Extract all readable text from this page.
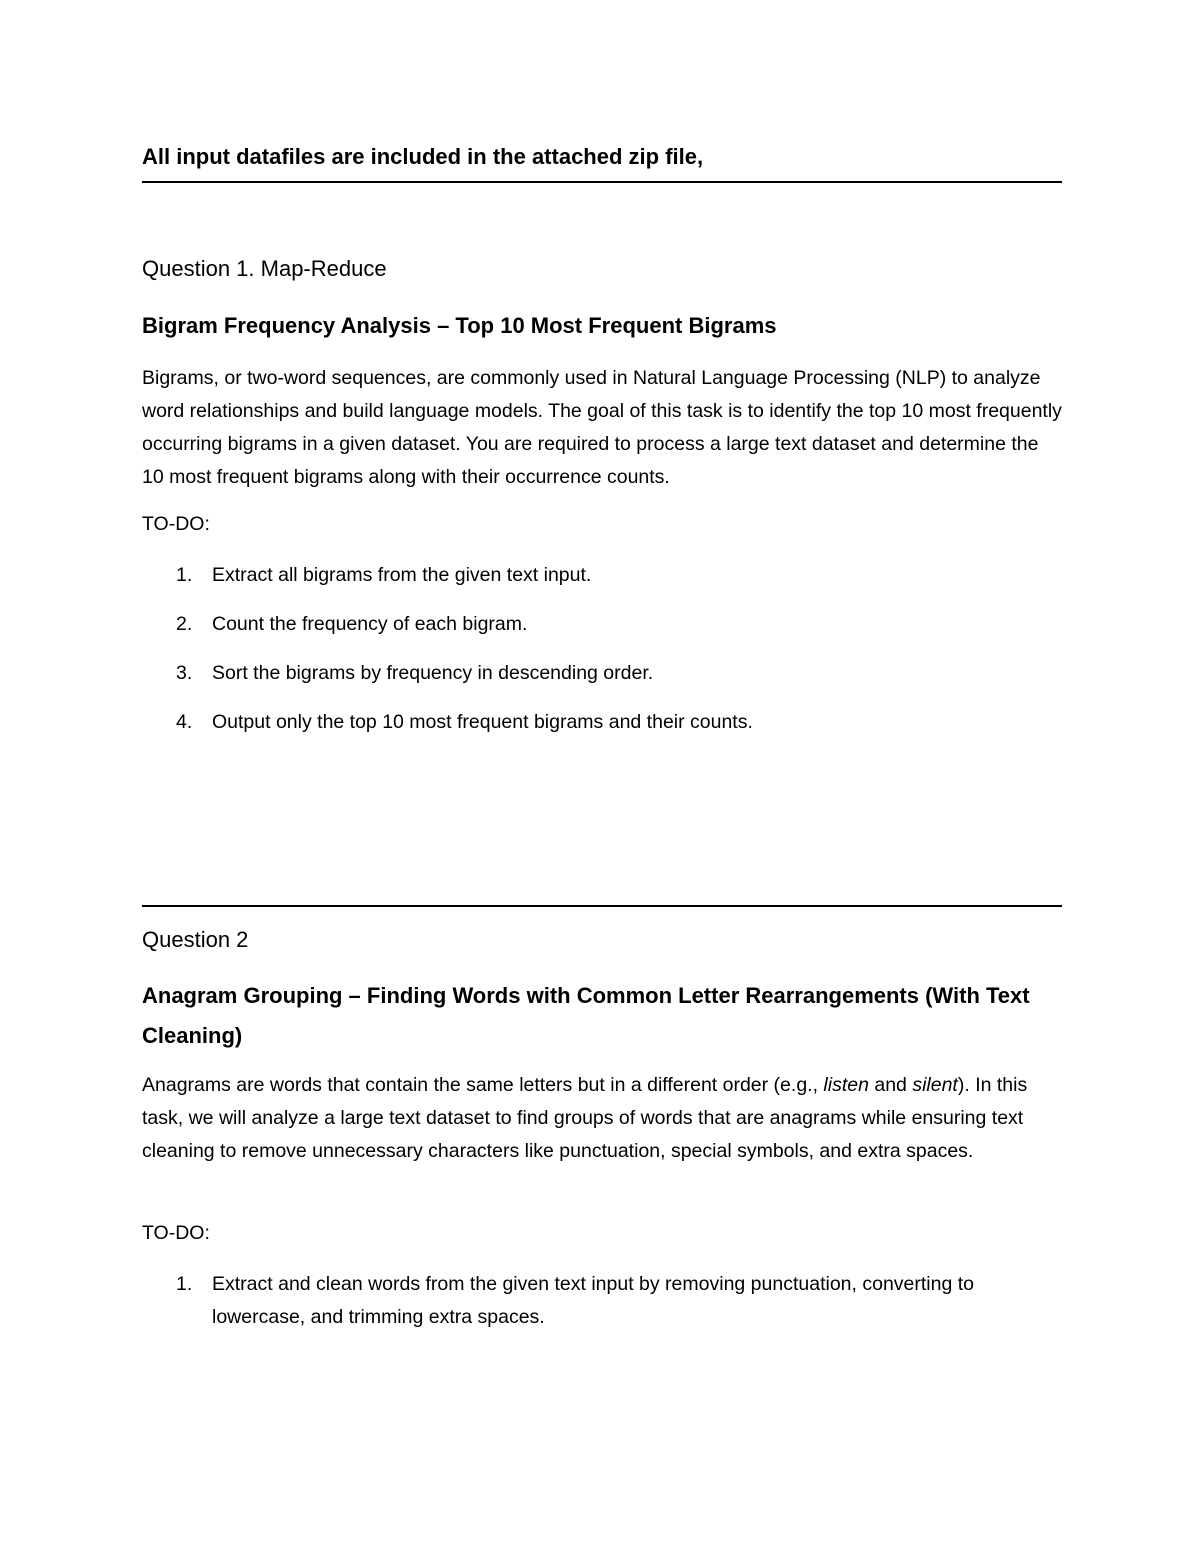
All input datafiles are included in the attached zip file,
Question 1. Map-Reduce
Bigram Frequency Analysis – Top 10 Most Frequent Bigrams
Bigrams, or two-word sequences, are commonly used in Natural Language Processing (NLP) to analyze word relationships and build language models. The goal of this task is to identify the top 10 most frequently occurring bigrams in a given dataset. You are required to process a large text dataset and determine the 10 most frequent bigrams along with their occurrence counts.
TO-DO:
1. Extract all bigrams from the given text input.
2. Count the frequency of each bigram.
3. Sort the bigrams by frequency in descending order.
4. Output only the top 10 most frequent bigrams and their counts.
Question 2
Anagram Grouping – Finding Words with Common Letter Rearrangements (With Text Cleaning)
Anagrams are words that contain the same letters but in a different order (e.g., listen and silent). In this task, we will analyze a large text dataset to find groups of words that are anagrams while ensuring text cleaning to remove unnecessary characters like punctuation, special symbols, and extra spaces.
TO-DO:
1. Extract and clean words from the given text input by removing punctuation, converting to lowercase, and trimming extra spaces.
